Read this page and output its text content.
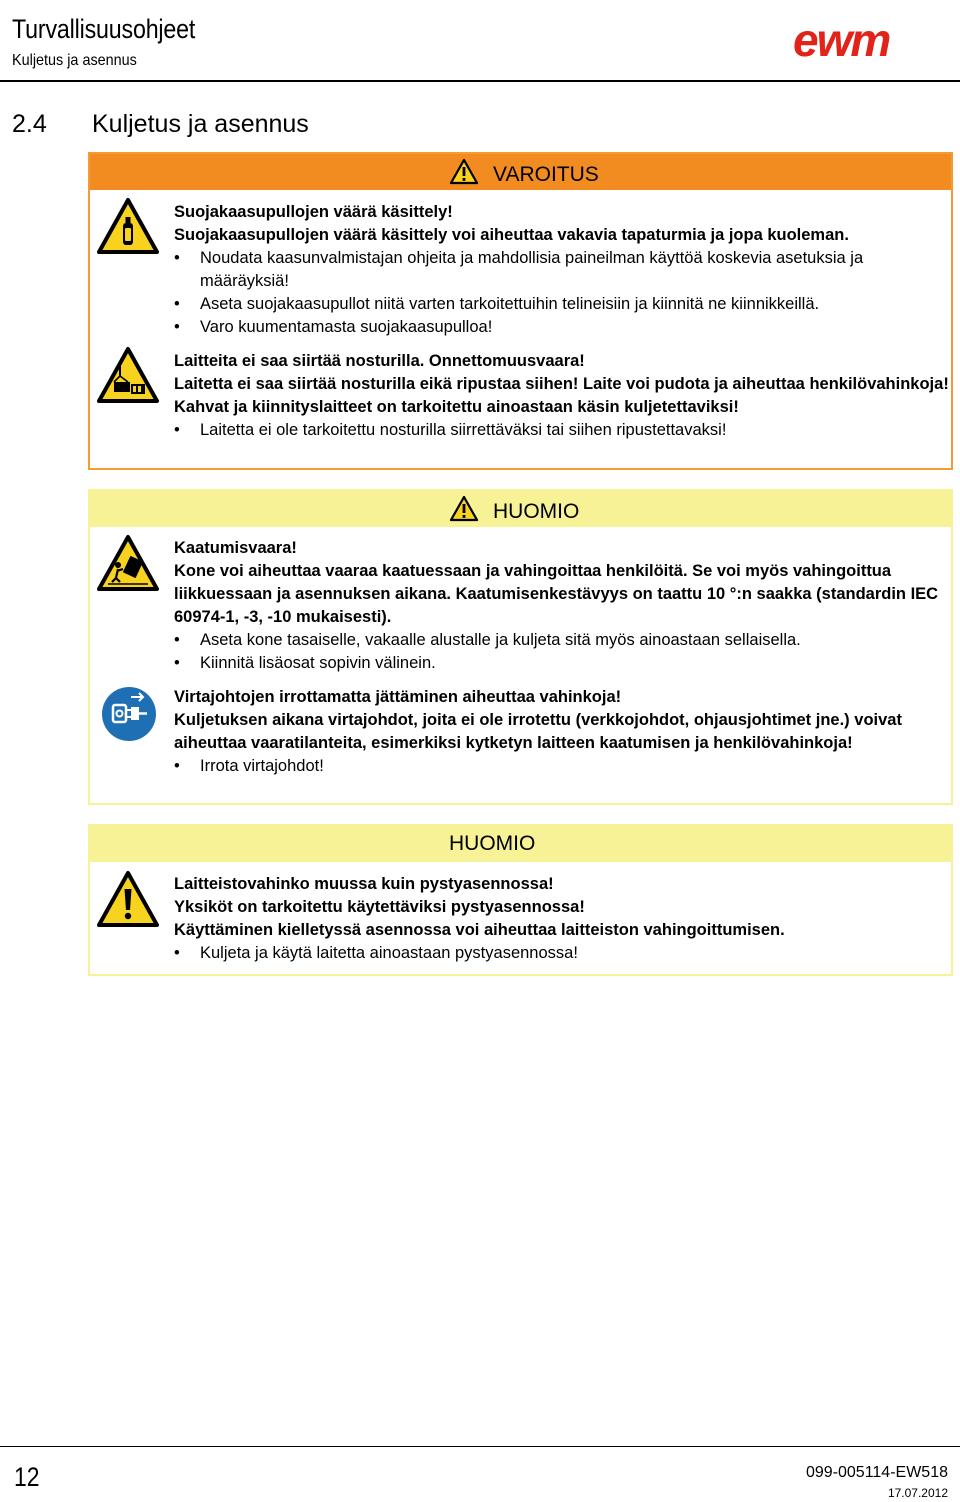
Turvallisuusohjeet
Kuljetus ja asennus	ewm
2.4 Kuljetus ja asennus
VAROITUS

Suojakaasupullojen väärä käsittely!

Suojakaasupullojen väärä käsittely voi aiheuttaa vakavia tapaturmia ja jopa kuoleman.

• Noudata kaasunvalmistajan ohjeita ja mahdollisia paineilman käyttöä koskevia asetuksia ja määräyksiä!
• Aseta suojakaasupullot niitä varten tarkoitettuihin telineisiin ja kiinnitä ne kiinnikkeillä.
• Varo kuumentamasta suojakaasupulloa!

Laitteita ei saa siirtää nosturilla. Onnettomuusvaara!

Laitetta ei saa siirtää nosturilla eikä ripustaa siihen! Laite voi pudota ja aiheuttaa henkilövahinkoja! Kahvat ja kiinnityslaitteet on tarkoitettu ainoastaan käsin kuljetettaviksi!

• Laitetta ei ole tarkoitettu nosturilla siirrettäväksi tai siihen ripustettavaksi!
HUOMIO

Kaatumisvaara!

Kone voi aiheuttaa vaaraa kaatuessaan ja vahingoittaa henkilöitä. Se voi myös vahingoittua liikkuessaan ja asennuksen aikana. Kaatumisenkestävyys on taattu 10 °:n saakka (standardin IEC 60974-1, -3, -10 mukaisesti).

• Aseta kone tasaiselle, vakaalle alustalle ja kuljeta sitä myös ainoastaan sellaisella.
• Kiinnitä lisäosat sopivin välinein.

Virtajohtojen irrottamatta jättäminen aiheuttaa vahinkoja!

Kuljetuksen aikana virtajohdot, joita ei ole irrotettu (verkkojohdot, ohjausjohtimet jne.) voivat aiheuttaa vaaratilanteita, esimerkiksi kytketyn laitteen kaatumisen ja henkilövahinkoja!

• Irrota virtajohdot!
HUOMIO

Laitteistovahinko muussa kuin pystyasennossa!

Yksiköt on tarkoitettu käytettäviksi pystyasennossa!

Käyttäminen kielletyssä asennossa voi aiheuttaa laitteiston vahingoittumisen.

• Kuljeta ja käytä laitetta ainoastaan pystyasennossa!
12	099-005114-EW518
17.07.2012
